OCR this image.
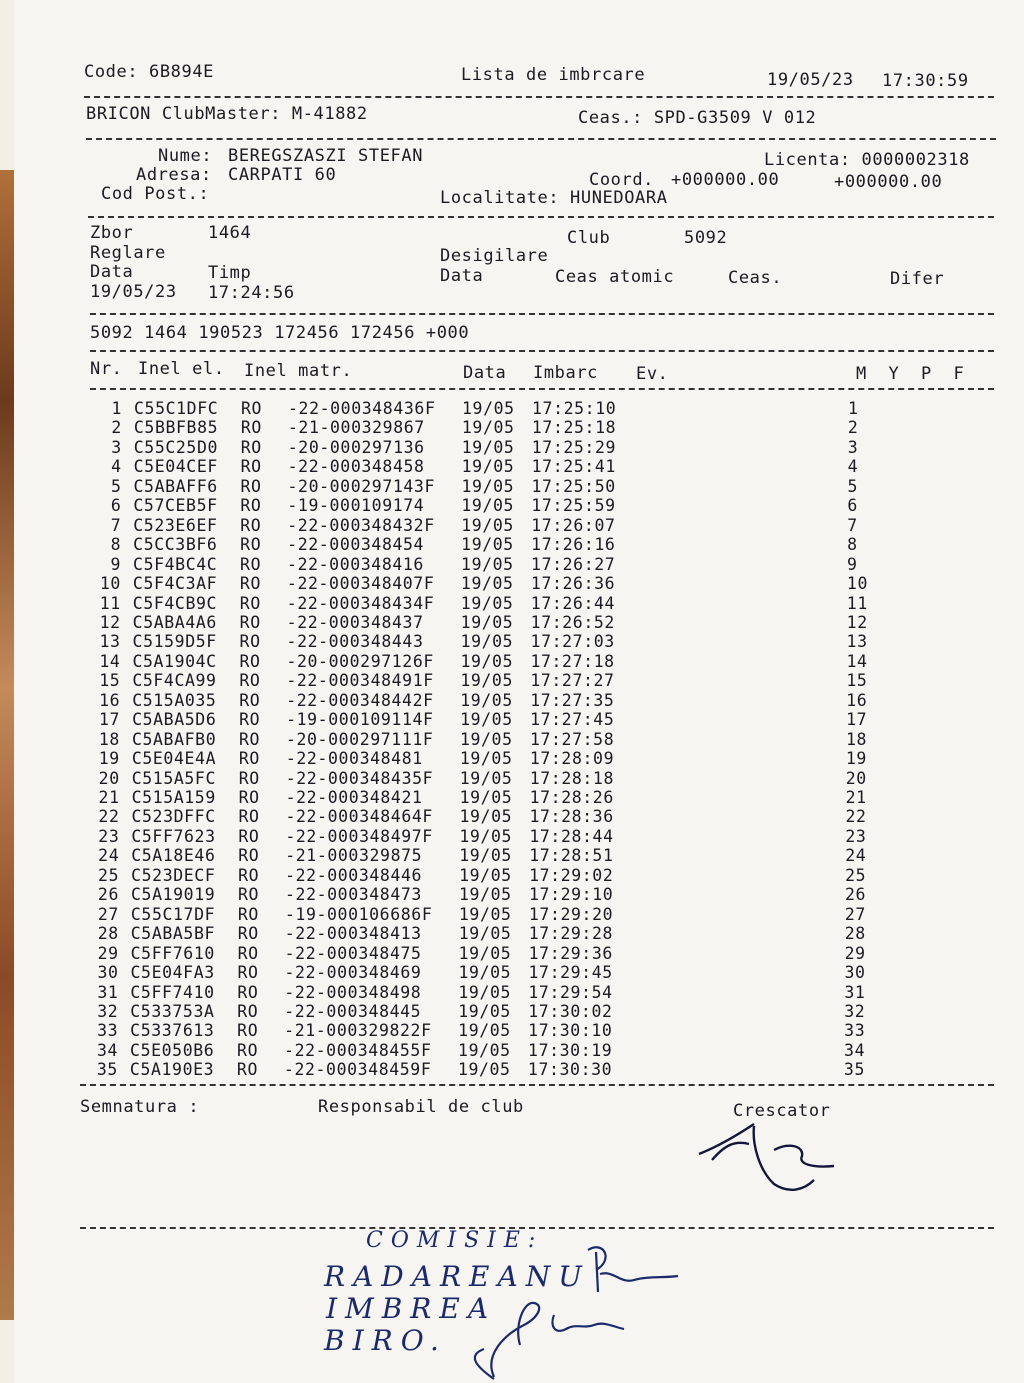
Code: 6B894E	Lista de imbrcare	19/05/23 17:30:59
BRICON ClubMaster: M-41882	Ceas.: SPD-G3509 V 012
Nume: BEREGSZASZI STEFAN
Adresa: CARPATI 60
Cod Post.:
Licenta: 0000002318
Coord. +000000.00	+000000.00
Localitate: HUNEDOARA
Zbor	1464	Club	5092
Reglare	Desigilare
Data	Timp	Data	Ceas atomic	Ceas.	Difer
19/05/23 17:24:56
5092 1464 190523 172456 172456 +000
Nr. Inel el. Inel matr.	Data Imbarc Ev.	M  Y  P  F
1 C55C1DFC RO -22-000348436F 19/05 17:25:10	1
2 C5BBFB85 RO -21-000329867 19/05 17:25:18	2
3 C55C25D0 RO -20-000297136 19/05 17:25:29	3
4 C5E04CEF RO -22-000348458 19/05 17:25:41	4
5 C5ABAFF6 RO -20-000297143F 19/05 17:25:50	5
6 C57CEB5F RO -19-000109174 19/05 17:25:59	6
7 C523E6EF RO -22-000348432F 19/05 17:26:07	7
8 C5CC3BF6 RO -22-000348454 19/05 17:26:16	8
9 C5F4BC4C RO -22-000348416 19/05 17:26:27	9
10 C5F4C3AF RO -22-000348407F 19/05 17:26:36	10
11 C5F4CB9C RO -22-000348434F 19/05 17:26:44	11
12 C5ABA4A6 RO -22-000348437 19/05 17:26:52	12
13 C5159D5F RO -22-000348443 19/05 17:27:03	13
14 C5A1904C RO -20-000297126F 19/05 17:27:18	14
15 C5F4CA99 RO -22-000348491F 19/05 17:27:27	15
16 C515A035 RO -22-000348442F 19/05 17:27:35	16
17 C5ABA5D6 RO -19-000109114F 19/05 17:27:45	17
18 C5ABAFB0 RO -20-000297111F 19/05 17:27:58	18
19 C5E04E4A RO -22-000348481 19/05 17:28:09	19
20 C515A5FC RO -22-000348435F 19/05 17:28:18	20
21 C515A159 RO -22-000348421 19/05 17:28:26	21
22 C523DFFC RO -22-000348464F 19/05 17:28:36	22
23 C5FF7623 RO -22-000348497F 19/05 17:28:44	23
24 C5A18E46 RO -21-000329875 19/05 17:28:51	24
25 C523DECF RO -22-000348446 19/05 17:29:02	25
26 C5A19019 RO -22-000348473 19/05 17:29:10	26
27 C55C17DF RO -19-000106686F 19/05 17:29:20	27
28 C5ABA5BF RO -22-000348413 19/05 17:29:28	28
29 C5FF7610 RO -22-000348475 19/05 17:29:36	29
30 C5E04FA3 RO -22-000348469 19/05 17:29:45	30
31 C5FF7410 RO -22-000348498 19/05 17:29:54	31
32 C533753A RO -22-000348445 19/05 17:30:02	32
33 C5337613 RO -21-000329822F 19/05 17:30:10	33
34 C5E050B6 RO -22-000348455F 19/05 17:30:19	34
35 C5A190E3 RO -22-000348459F 19/05 17:30:30	35
Semnatura :	Responsabil de club	Crescator
COMISIE:
RADAREANU
IMBREA
BIRO.
